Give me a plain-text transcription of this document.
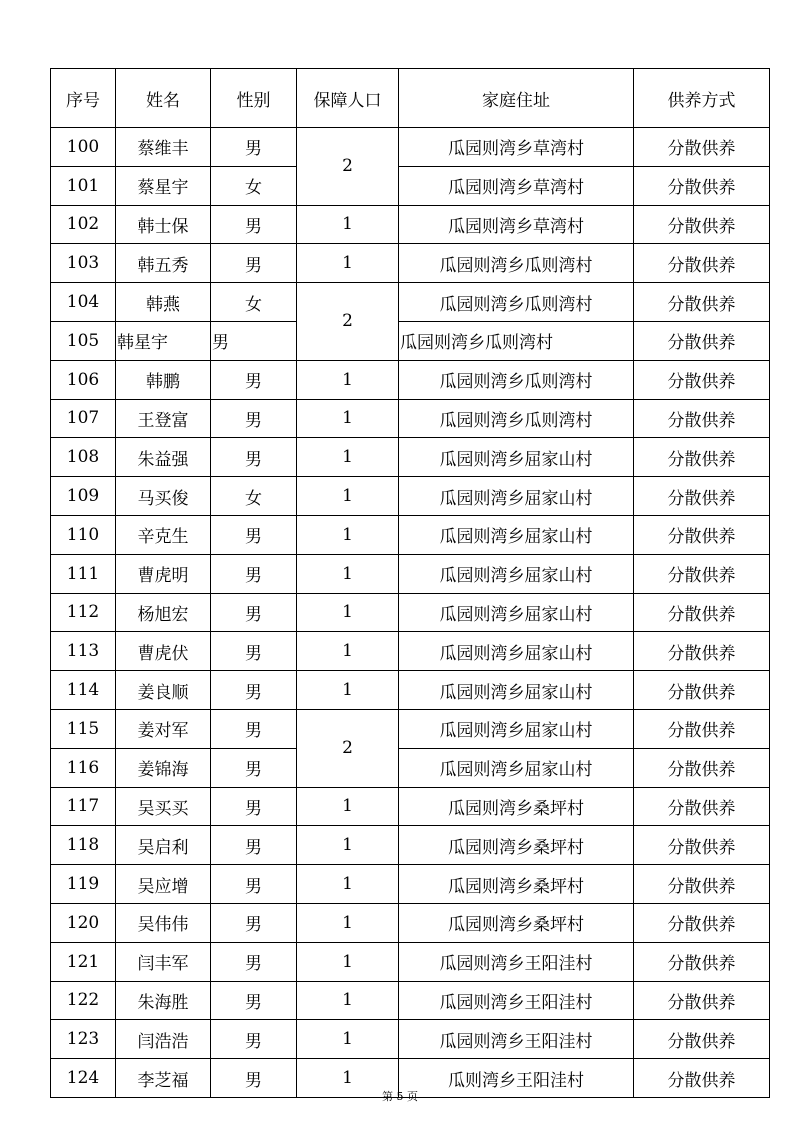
序号	姓名	性别	保障人口	家庭住址	供养方式
100	蔡维丰	男	2	瓜园则湾乡草湾村	分散供养
101	蔡星宇	女		瓜园则湾乡草湾村	分散供养
102	韩士保	男	1	瓜园则湾乡草湾村	分散供养
103	韩五秀	男	1	瓜园则湾乡瓜则湾村	分散供养
104	韩燕	女	2	瓜园则湾乡瓜则湾村	分散供养
105	韩星宇	男		瓜园则湾乡瓜则湾村	分散供养
106	韩鹏	男	1	瓜园则湾乡瓜则湾村	分散供养
107	王登富	男	1	瓜园则湾乡瓜则湾村	分散供养
108	朱益强	男	1	瓜园则湾乡屈家山村	分散供养
109	马买俊	女	1	瓜园则湾乡屈家山村	分散供养
110	辛克生	男	1	瓜园则湾乡屈家山村	分散供养
111	曹虎明	男	1	瓜园则湾乡屈家山村	分散供养
112	杨旭宏	男	1	瓜园则湾乡屈家山村	分散供养
113	曹虎伏	男	1	瓜园则湾乡屈家山村	分散供养
114	姜良顺	男	1	瓜园则湾乡屈家山村	分散供养
115	姜对军	男	2	瓜园则湾乡屈家山村	分散供养
116	姜锦海	男		瓜园则湾乡屈家山村	分散供养
117	吴买买	男	1	瓜园则湾乡桑坪村	分散供养
118	吴启利	男	1	瓜园则湾乡桑坪村	分散供养
119	吴应增	男	1	瓜园则湾乡桑坪村	分散供养
120	吴伟伟	男	1	瓜园则湾乡桑坪村	分散供养
121	闫丰军	男	1	瓜园则湾乡王阳洼村	分散供养
122	朱海胜	男	1	瓜园则湾乡王阳洼村	分散供养
123	闫浩浩	男	1	瓜园则湾乡王阳洼村	分散供养
124	李芝福	男	1	瓜则湾乡王阳洼村	分散供养
第 5 页
